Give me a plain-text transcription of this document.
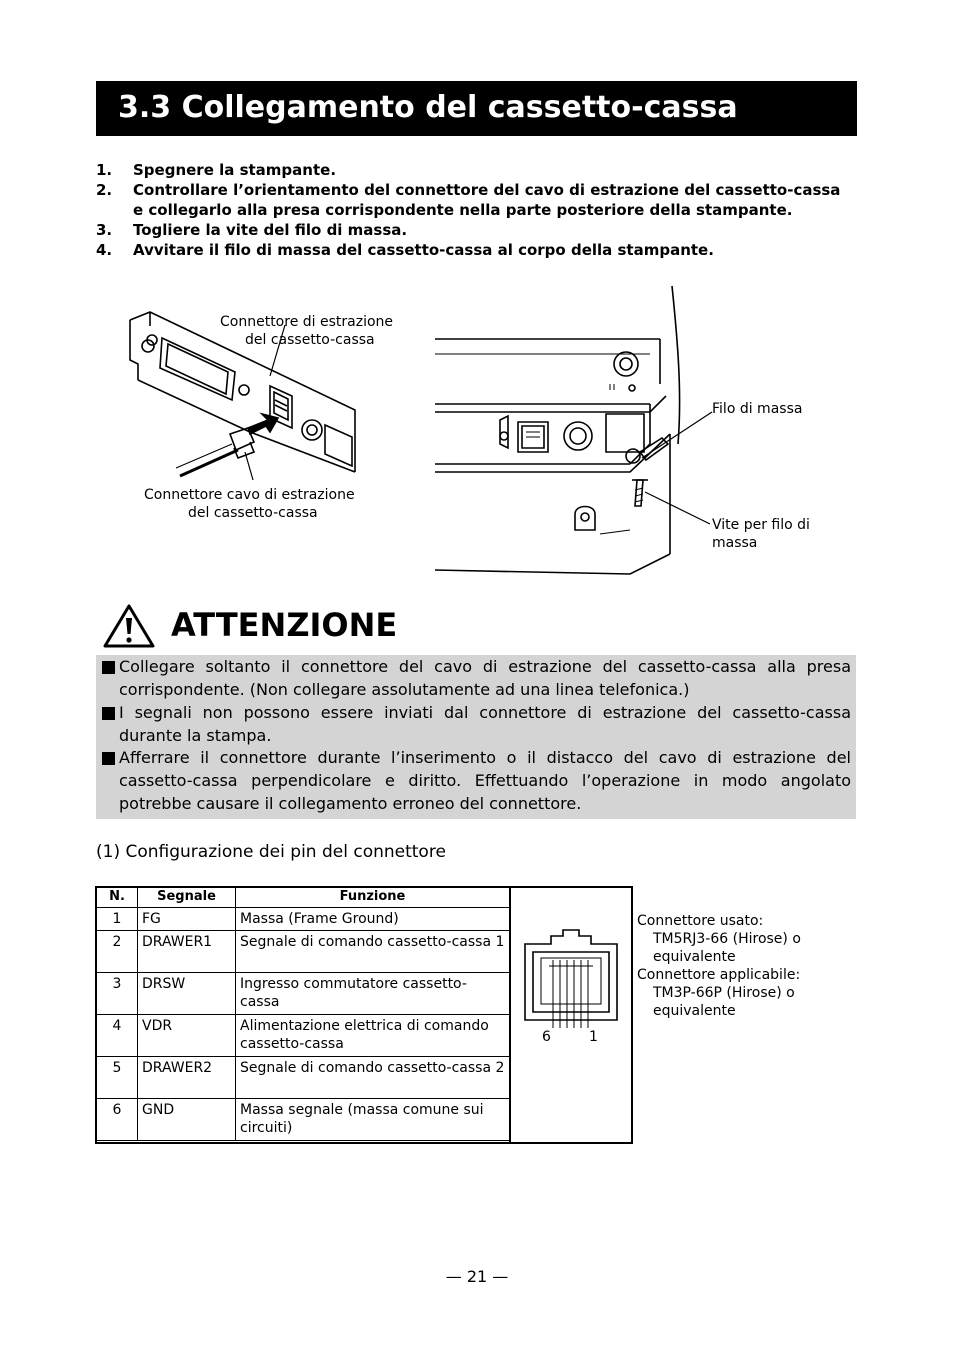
3.3 Collegamento del cassetto-cassa
1. Spegnere la stampante.
2. Controllare l’orientamento del connettore del cavo di estrazione del cassetto-cassa
e collegarlo alla presa corrispondente nella parte posteriore della stampante.
3. Togliere la vite del filo di massa.
4. Avvitare il filo di massa del cassetto-cassa al corpo della stampante.
Connettore di estrazione
del cassetto-cassa
Connettore cavo di estrazione
del cassetto-cassa
Filo di massa
Vite per filo di
massa
ATTENZIONE
Collegare soltanto il connettore del cavo di estrazione del cassetto-cassa alla presa
corrispondente. (Non collegare assolutamente ad una linea telefonica.)
I segnali non possono essere inviati dal connettore di estrazione del cassetto-cassa
durante la stampa.
Afferrare il connettore durante l’inserimento o il distacco del cavo di estrazione del
cassetto-cassa perpendicolare e diritto. Effettuando l’operazione in modo angolato
potrebbe causare il collegamento erroneo del connettore.
(1) Configurazione dei pin del connettore
N.	Segnale	Funzione
1	FG	Massa (Frame Ground)
2	DRAWER1	Segnale di comando cassetto-cassa 1
3	DRSW	Ingresso commutatore cassetto-cassa
4	VDR	Alimentazione elettrica di comando cassetto-cassa
5	DRAWER2	Segnale di comando cassetto-cassa 2
6	GND	Massa segnale (massa comune sui circuiti)
6	1
Connettore usato:
TM5RJ3-66 (Hirose) o
equivalente
Connettore applicabile:
TM3P-66P (Hirose) o
equivalente
— 21 —
